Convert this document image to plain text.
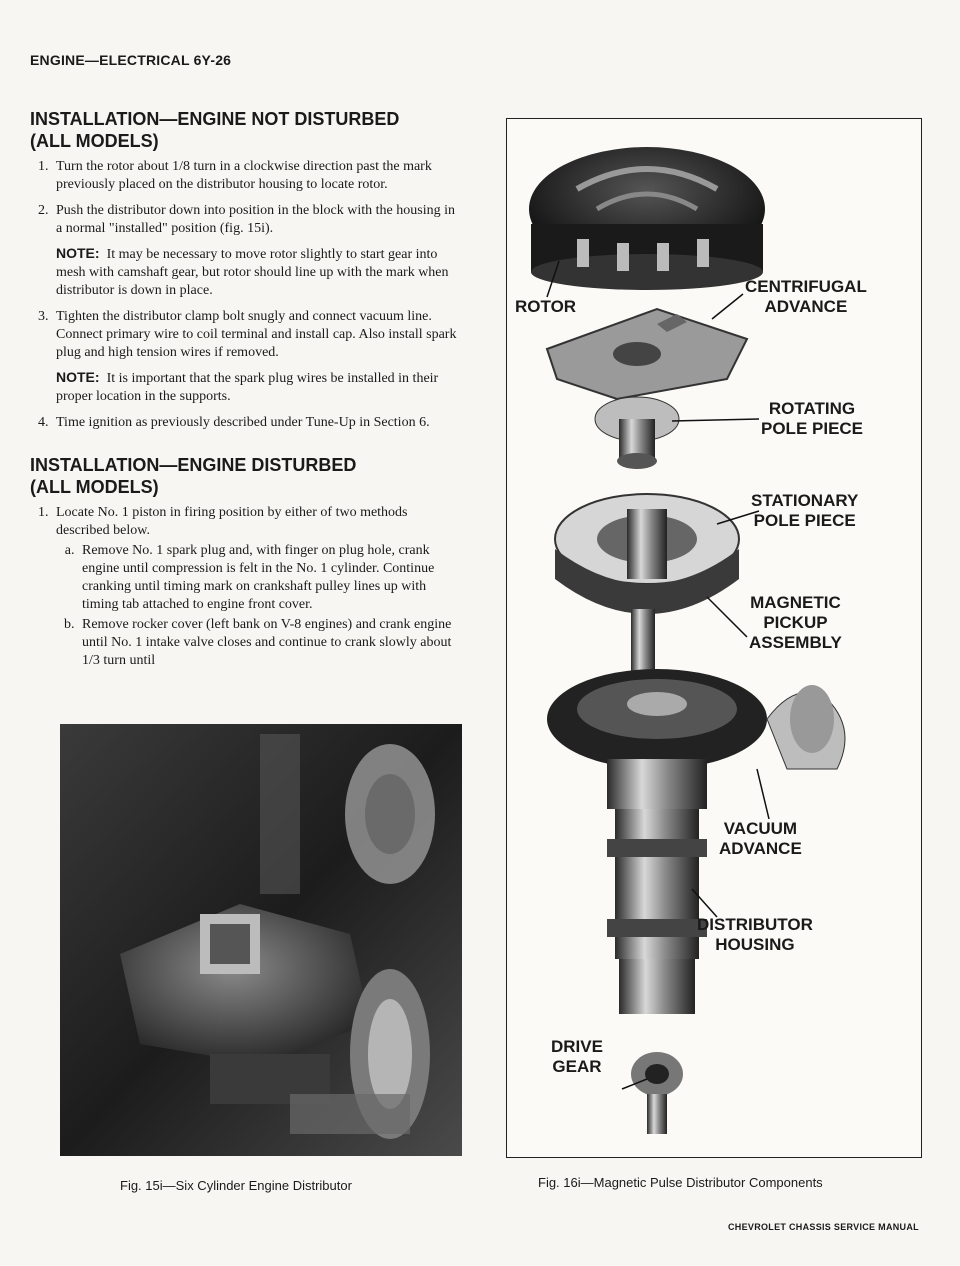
ENGINE—ELECTRICAL 6Y-26
INSTALLATION—ENGINE NOT DISTURBED
(ALL MODELS)
1. Turn the rotor about 1/8 turn in a clockwise direction past the mark previously placed on the distributor housing to locate rotor.
2. Push the distributor down into position in the block with the housing in a normal "installed" position (fig. 15i).
NOTE: It may be necessary to move rotor slightly to start gear into mesh with camshaft gear, but rotor should line up with the mark when distributor is down in place.
3. Tighten the distributor clamp bolt snugly and connect vacuum line. Connect primary wire to coil terminal and install cap. Also install spark plug and high tension wires if removed.
NOTE: It is important that the spark plug wires be installed in their proper location in the supports.
4. Time ignition as previously described under Tune-Up in Section 6.
INSTALLATION—ENGINE DISTURBED
(ALL MODELS)
1. Locate No. 1 piston in firing position by either of two methods described below.
a. Remove No. 1 spark plug and, with finger on plug hole, crank engine until compression is felt in the No. 1 cylinder. Continue cranking until timing mark on crankshaft pulley lines up with timing tab attached to engine front cover.
b. Remove rocker cover (left bank on V-8 engines) and crank engine until No. 1 intake valve closes and continue to crank slowly about 1/3 turn until
Fig. 15i—Six Cylinder Engine Distributor
ROTOR
CENTRIFUGAL
ADVANCE
ROTATING
POLE PIECE
STATIONARY
POLE PIECE
MAGNETIC
PICKUP
ASSEMBLY
VACUUM
ADVANCE
DISTRIBUTOR
HOUSING
DRIVE
GEAR
Fig. 16i—Magnetic Pulse Distributor Components
CHEVROLET CHASSIS SERVICE MANUAL
